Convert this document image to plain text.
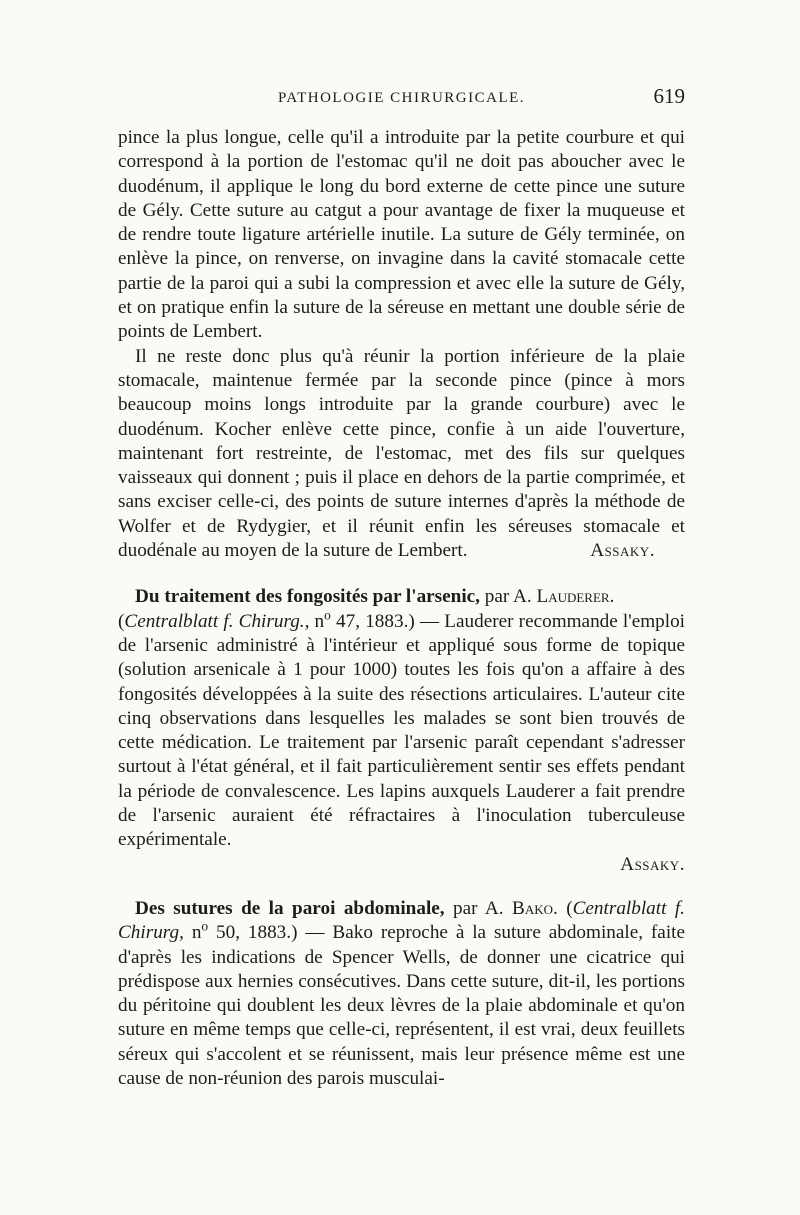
PATHOLOGIE CHIRURGICALE.	619

pince la plus longue, celle qu'il a introduite par la petite courbure et qui correspond à la portion de l'estomac qu'il ne doit pas aboucher avec le duodénum, il applique le long du bord externe de cette pince une suture de Gély. Cette suture au catgut a pour avantage de fixer la muqueuse et de rendre toute ligature artérielle inutile. La suture de Gély terminée, on enlève la pince, on renverse, on invagine dans la cavité stomacale cette partie de la paroi qui a subi la compression et avec elle la suture de Gély, et on pratique enfin la suture de la séreuse en mettant une double série de points de Lembert.

Il ne reste donc plus qu'à réunir la portion inférieure de la plaie stomacale, maintenue fermée par la seconde pince (pince à mors beaucoup moins longs introduite par la grande courbure) avec le duodénum. Kocher enlève cette pince, confie à un aide l'ouverture, maintenant fort restreinte, de l'estomac, met des fils sur quelques vaisseaux qui donnent ; puis il place en dehors de la partie comprimée, et sans exciser celle-ci, des points de suture internes d'après la méthode de Wolfer et de Rydygier, et il réunit enfin les séreuses stomacale et duodénale au moyen de la suture de Lembert.	Assaky.

Du traitement des fongosités par l'arsenic, par A. Lauderer.
(Centralblatt f. Chirurg., $n^o$ 47, 1883.) — Lauderer recommande l'emploi de l'arsenic administré à l'intérieur et appliqué sous forme de topique (solution arsenicale à 1 pour 1000) toutes les fois qu'on a affaire à des fongosités développées à la suite des résections articulaires. L'auteur cite cinq observations dans lesquelles les malades se sont bien trouvés de cette médication. Le traitement par l'arsenic paraît cependant s'adresser surtout à l'état général, et il fait particulièrement sentir ses effets pendant la période de convalescence. Les lapins auxquels Lauderer a fait prendre de l'arsenic auraient été réfractaires à l'inoculation tuberculeuse expérimentale.

Assaky.

Des sutures de la paroi abdominale, par A. Bako. (Centralblatt f. Chirurg, $n^o$ 50, 1883.) — Bako reproche à la suture abdominale, faite d'après les indications de Spencer Wells, de donner une cicatrice qui prédispose aux hernies consécutives. Dans cette suture, dit-il, les portions du péritoine qui doublent les deux lèvres de la plaie abdominale et qu'on suture en même temps que celle-ci, représentent, il est vrai, deux feuillets séreux qui s'accolent et se réunissent, mais leur présence même est une cause de non-réunion des parois musculai-
